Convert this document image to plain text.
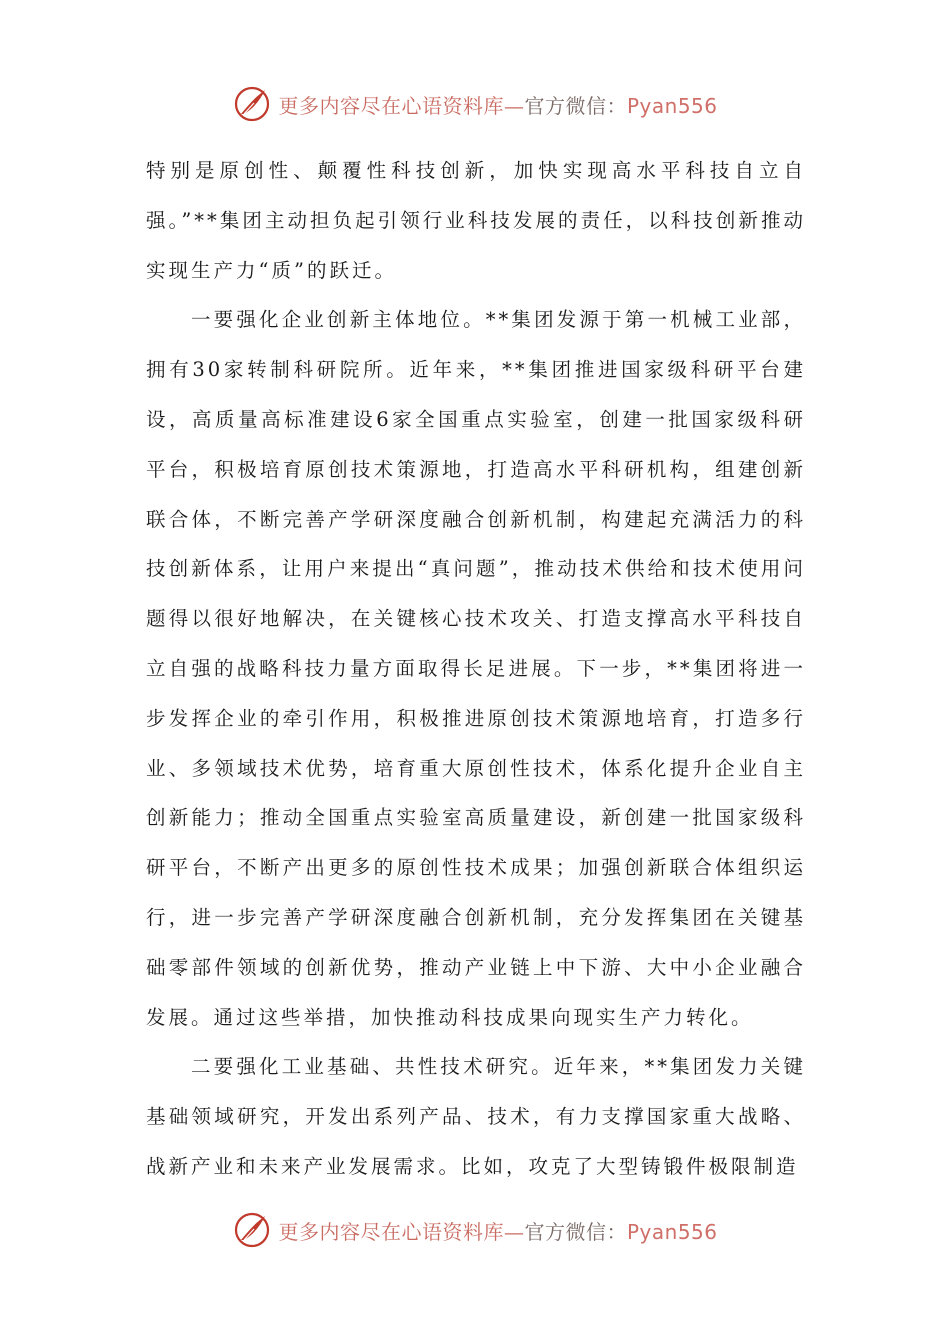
更多内容尽在心语资料库—官方微信：Pyan556

特别是原创性、颠覆性科技创新，加快实现高水平科技自立自强。”**集团主动担负起引领行业科技发展的责任，以科技创新推动实现生产力“质”的跃迁。

一要强化企业创新主体地位。**集团发源于第一机械工业部，拥有30家转制科研院所。近年来，**集团推进国家级科研平台建设，高质量高标准建设6家全国重点实验室，创建一批国家级科研平台，积极培育原创技术策源地，打造高水平科研机构，组建创新联合体，不断完善产学研深度融合创新机制，构建起充满活力的科技创新体系，让用户来提出“真问题”，推动技术供给和技术使用问题得以很好地解决，在关键核心技术攻关、打造支撑高水平科技自立自强的战略科技力量方面取得长足进展。下一步，**集团将进一步发挥企业的牵引作用，积极推进原创技术策源地培育，打造多行业、多领域技术优势，培育重大原创性技术，体系化提升企业自主创新能力；推动全国重点实验室高质量建设，新创建一批国家级科研平台，不断产出更多的原创性技术成果；加强创新联合体组织运行，进一步完善产学研深度融合创新机制，充分发挥集团在关键基础零部件领域的创新优势，推动产业链上中下游、大中小企业融合发展。通过这些举措，加快推动科技成果向现实生产力转化。

二要强化工业基础、共性技术研究。近年来，**集团发力关键基础领域研究，开发出系列产品、技术，有力支撑国家重大战略、战新产业和未来产业发展需求。比如，攻克了大型铸锻件极限制造

更多内容尽在心语资料库—官方微信：Pyan556
